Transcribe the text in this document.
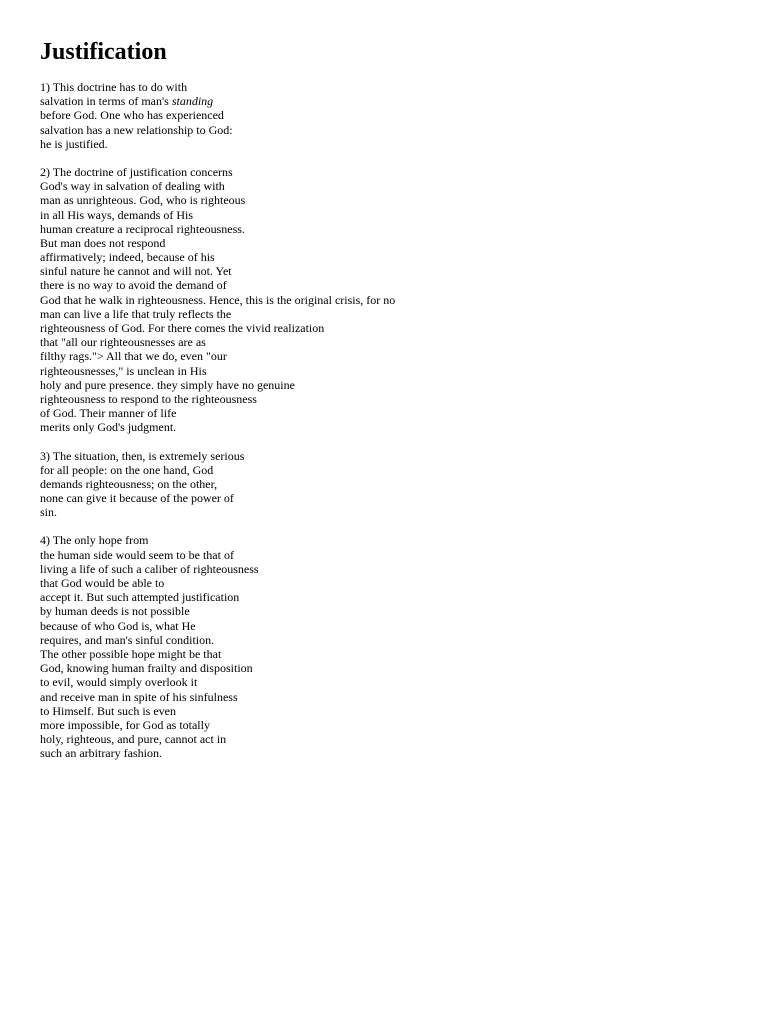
Justification
1) This doctrine has to do with
salvation in terms of man's standing
before God. One who has experienced
salvation has a new relationship to God:
he is justified.
2) The doctrine of justification concerns
God's way in salvation of dealing with
man as unrighteous. God, who is righteous
in all His ways, demands of His
human creature a reciprocal righteousness.
But man does not respond
affirmatively; indeed, because of his
sinful nature he cannot and will not. Yet
there is no way to avoid the demand of
God that he walk in righteousness. Hence, this is the original crisis, for no
man can live a life that truly reflects the
righteousness of God. For there comes the vivid realization
that "all our righteousnesses are as
filthy rags."> All that we do, even "our
righteousnesses," is unclean in His
holy and pure presence. they simply have no genuine
righteousness to respond to the righteousness
of God. Their manner of life
merits only God's judgment.
3) The situation, then, is extremely serious
for all people: on the one hand, God
demands righteousness; on the other,
none can give it because of the power of
sin.
4) The only hope from
the human side would seem to be that of
living a life of such a caliber of righteousness
that God would be able to
accept it. But such attempted justification
by human deeds is not possible
because of who God is, what He
requires, and man's sinful condition.
The other possible hope might be that
God, knowing human frailty and disposition
to evil, would simply overlook it
and receive man in spite of his sinfulness
to Himself. But such is even
more impossible, for God as totally
holy, righteous, and pure, cannot act in
such an arbitrary fashion.
